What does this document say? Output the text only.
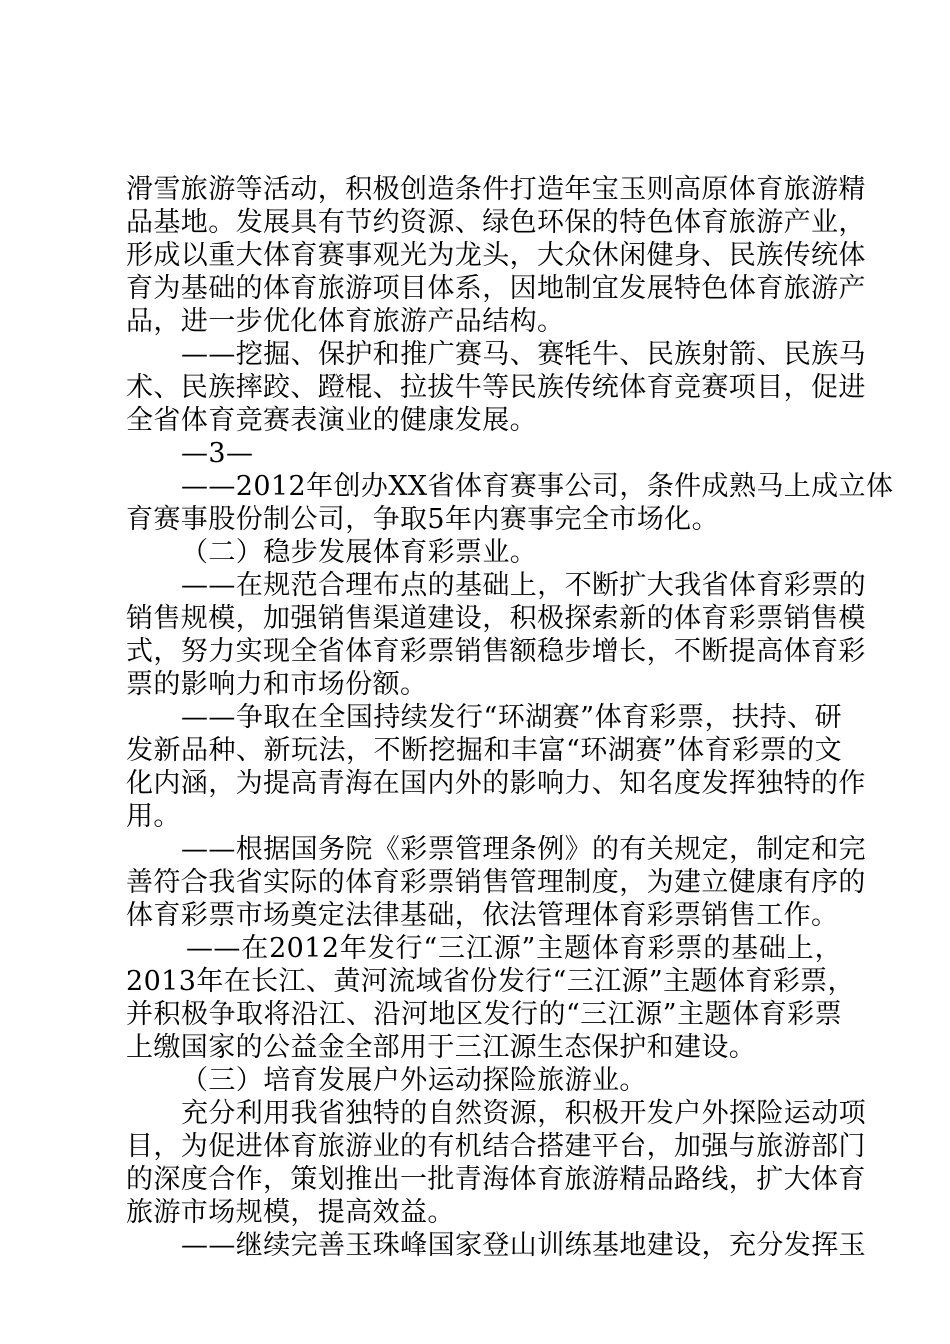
滑雪旅游等活动，积极创造条件打造年宝玉则高原体育旅游精
品基地。发展具有节约资源、绿色环保的特色体育旅游产业，
形成以重大体育赛事观光为龙头，大众休闲健身、民族传统体
育为基础的体育旅游项目体系，因地制宜发展特色体育旅游产
品，进一步优化体育旅游产品结构。
——挖掘、保护和推广赛马、赛牦牛、民族射箭、民族马
术、民族摔跤、蹬棍、拉拔牛等民族传统体育竞赛项目，促进
全省体育竞赛表演业的健康发展。
—3—
——2012年创办XX省体育赛事公司，条件成熟马上成立体
育赛事股份制公司，争取5年内赛事完全市场化。
（二）稳步发展体育彩票业。
——在规范合理布点的基础上，不断扩大我省体育彩票的
销售规模，加强销售渠道建设，积极探索新的体育彩票销售模
式，努力实现全省体育彩票销售额稳步增长，不断提高体育彩
票的影响力和市场份额。
——争取在全国持续发行“环湖赛”体育彩票，扶持、研
发新品种、新玩法，不断挖掘和丰富“环湖赛”体育彩票的文
化内涵，为提高青海在国内外的影响力、知名度发挥独特的作
用。
——根据国务院《彩票管理条例》的有关规定，制定和完
善符合我省实际的体育彩票销售管理制度，为建立健康有序的
体育彩票市场奠定法律基础，依法管理体育彩票销售工作。
——在2012年发行“三江源”主题体育彩票的基础上，
2013年在长江、黄河流域省份发行“三江源”主题体育彩票，
并积极争取将沿江、沿河地区发行的“三江源”主题体育彩票
上缴国家的公益金全部用于三江源生态保护和建设。
（三）培育发展户外运动探险旅游业。
充分利用我省独特的自然资源，积极开发户外探险运动项
目，为促进体育旅游业的有机结合搭建平台，加强与旅游部门
的深度合作，策划推出一批青海体育旅游精品路线，扩大体育
旅游市场规模，提高效益。
——继续完善玉珠峰国家登山训练基地建设，充分发挥玉
